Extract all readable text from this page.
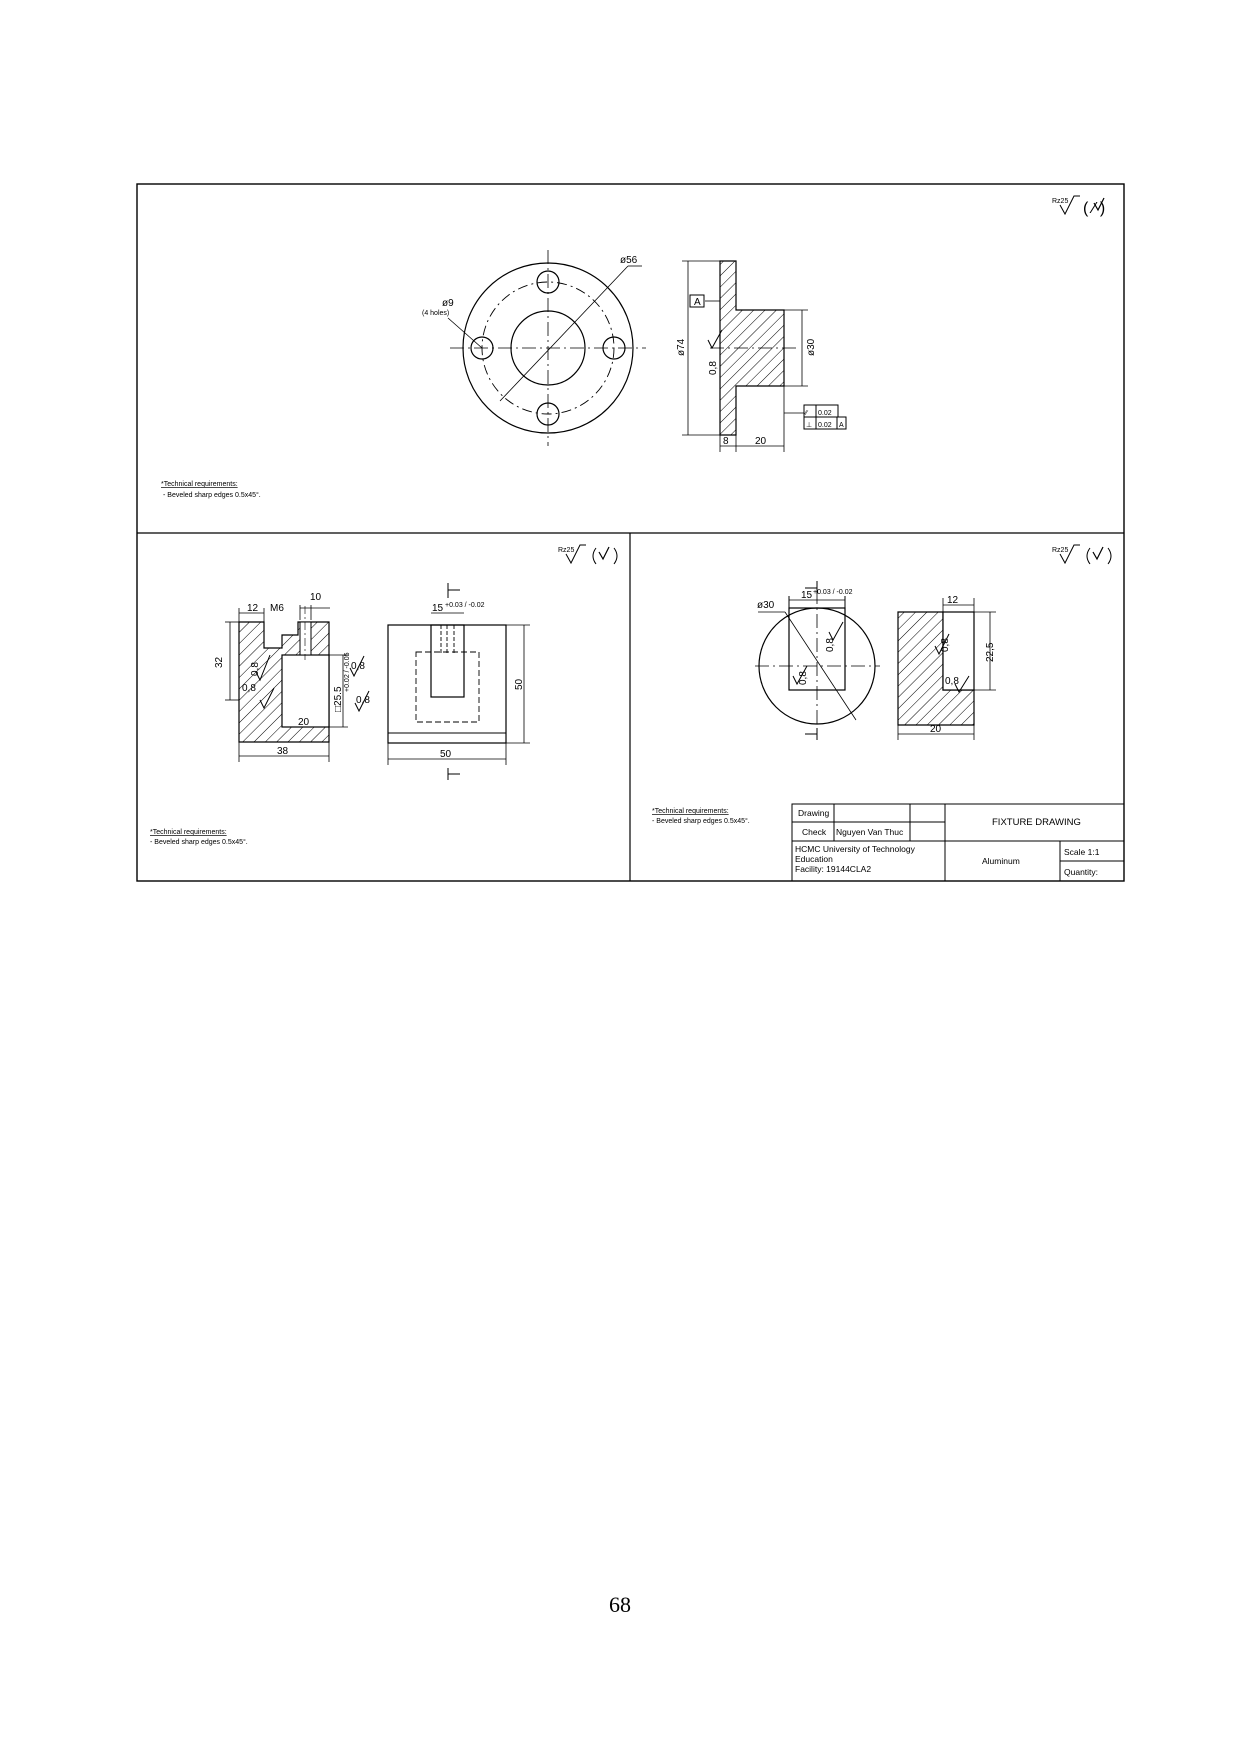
Rz25 ( ⁄ )
Rz25	Rz25
ø56
ø9
(4 holes)
A
ø74	ø30
0,8
∕∕ 0.02
⊥ 0.02 A
8	20
*Technical requirements:
- Beveled sharp edges 0.5x45°.
10
12 M6
32	0,8
0,8
0,8
0,8
□25.5
+0.02 / -0.05
20
38
15 +0.03 / -0.02
50
50
*Technical requirements:
- Beveled sharp edges 0.5x45°.
ø30
15 +0.03 / -0.02
0,8
0,8
12
0,8
0,8
22,5
20
*Technical requirements:
- Beveled sharp edges 0.5x45°.
Drawing
Check Nguyen Van Thuc
FIXTURE DRAWING
HCMC University of Technology
Education
Facility: 19144CLA2
Aluminum
Scale 1:1
Quantity:
68
